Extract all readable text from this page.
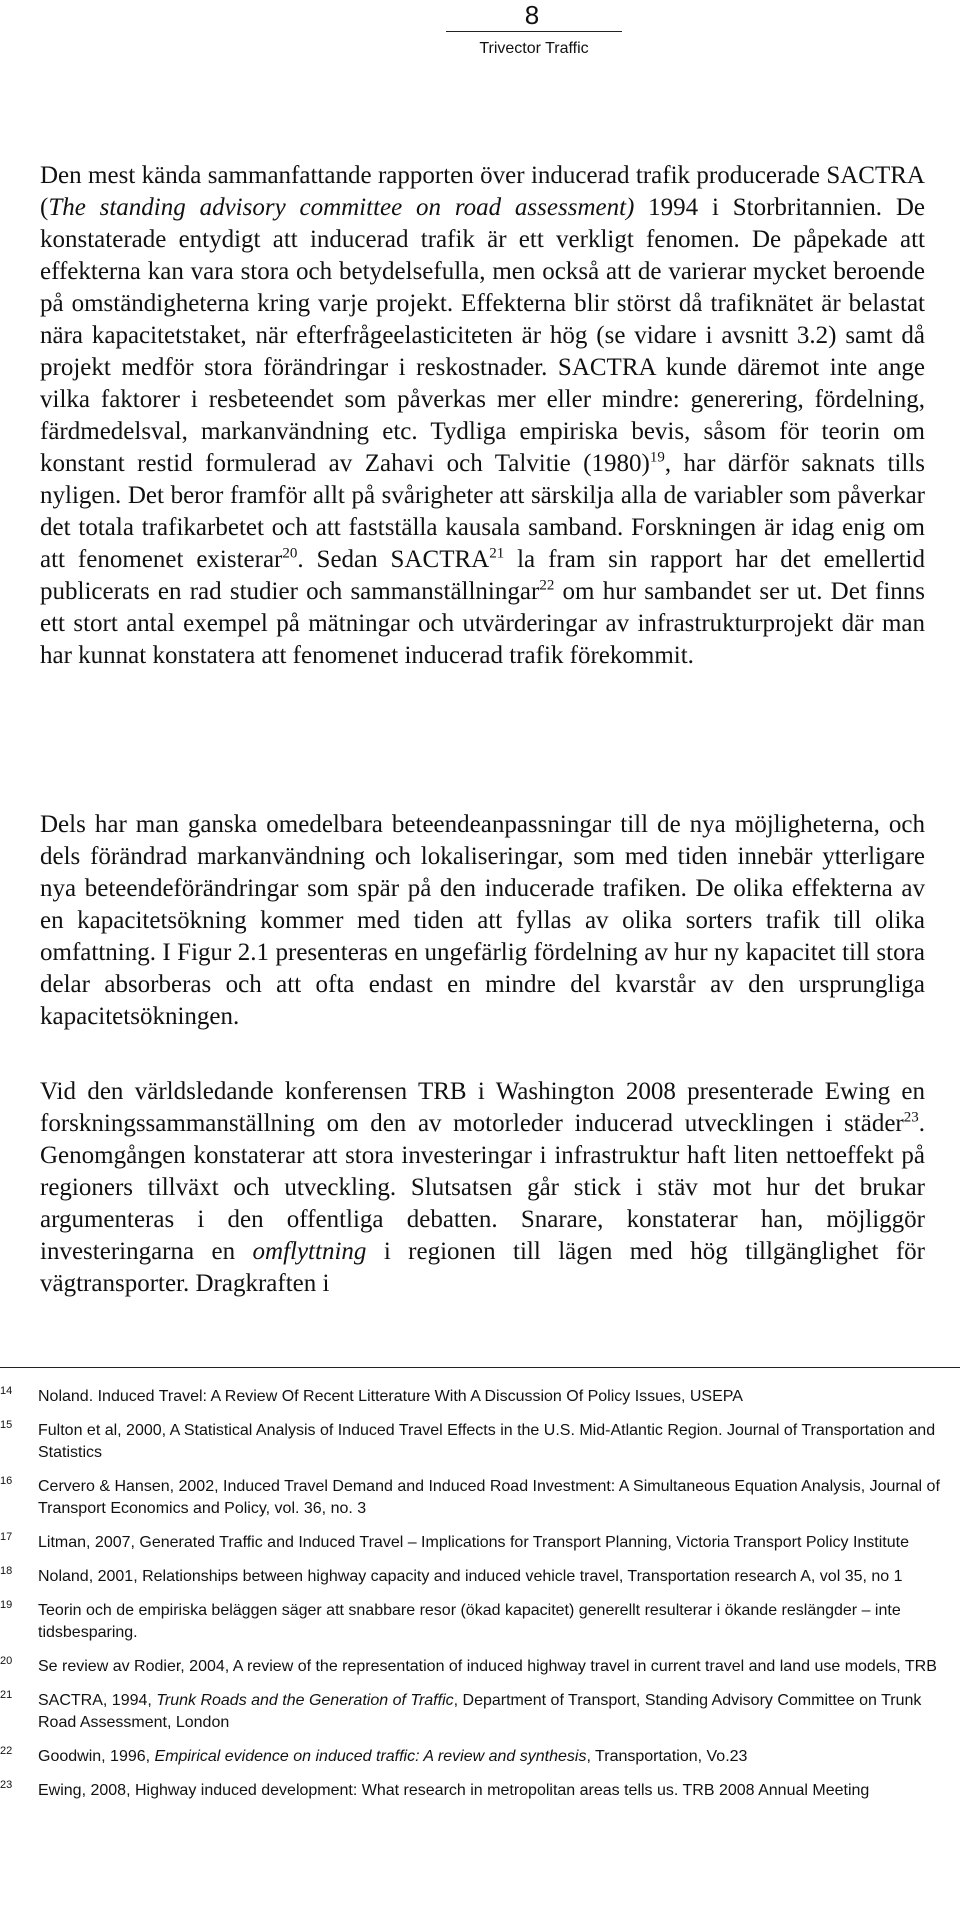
8
Trivector Traffic

Den mest kända sammanfattande rapporten över inducerad trafik producerade SACTRA (The standing advisory committee on road assessment) 1994 i Storbritannien. De konstaterade entydigt att inducerad trafik är ett verkligt fenomen. De påpekade att effekterna kan vara stora och betydelsefulla, men också att de varierar mycket beroende på omständigheterna kring varje projekt. Effekterna blir störst då trafiknätet är belastat nära kapacitetstaket, när efterfrågeelasticiteten är hög (se vidare i avsnitt 3.2) samt då projekt medför stora förändringar i reskostnader. SACTRA kunde däremot inte ange vilka faktorer i resbeteendet som påverkas mer eller mindre: generering, fördelning, färdmedelsval, markanvändning etc. Tydliga empiriska bevis, såsom för teorin om konstant restid formulerad av Zahavi och Talvitie $(1980)^{19}$, har därför saknats tills nyligen. Det beror framför allt på svårigheter att särskilja alla de variabler som påverkar det totala trafikarbetet och att fastställa kausala samband. Forskningen är idag enig om att fenomenet existerar$^{20}$. Sedan SACTRA$^{21}$ la fram sin rapport har det emellertid publicerats en rad studier och sammanställningar$^{22}$ om hur sambandet ser ut. Det finns ett stort antal exempel på mätningar och utvärderingar av infrastrukturprojekt där man har kunnat konstatera att fenomenet inducerad trafik förekommit.

Dels har man ganska omedelbara beteendeanpassningar till de nya möjligheterna, och dels förändrad markanvändning och lokaliseringar, som med tiden innebär ytterligare nya beteendeförändringar som spär på den inducerade trafiken. De olika effekterna av en kapacitetsökning kommer med tiden att fyllas av olika sorters trafik till olika omfattning. I Figur 2.1 presenteras en ungefärlig fördelning av hur ny kapacitet till stora delar absorberas och att ofta endast en mindre del kvarstår av den ursprungliga kapacitetsökningen.

Vid den världsledande konferensen TRB i Washington 2008 presenterade Ewing en forskningssammanställning om den av motorleder inducerad utvecklingen i städer$^{23}$. Genomgången konstaterar att stora investeringar i infrastruktur haft liten nettoeffekt på regioners tillväxt och utveckling. Slutsatsen går stick i stäv mot hur det brukar argumenteras i den offentliga debatten. Snarare, konstaterar han, möjliggör investeringarna en omflyttning i regionen till lägen med hög tillgänglighet för vägtransporter. Dragkraften i

14 Noland. Induced Travel: A Review Of Recent Litterature With A Discussion Of Policy Issues, USEPA
15 Fulton et al, 2000, A Statistical Analysis of Induced Travel Effects in the U.S. Mid-Atlantic Region. Journal of Transportation and Statistics
16 Cervero & Hansen, 2002, Induced Travel Demand and Induced Road Investment: A Simultaneous Equation Analysis, Journal of Transport Economics and Policy, vol. 36, no. 3
17 Litman, 2007, Generated Traffic and Induced Travel – Implications for Transport Planning, Victoria Transport Policy Institute
18 Noland, 2001, Relationships between highway capacity and induced vehicle travel, Transportation research A, vol 35, no 1
19 Teorin och de empiriska beläggen säger att snabbare resor (ökad kapacitet) generellt resulterar i ökande reslängder – inte tidsbesparing.
20 Se review av Rodier, 2004, A review of the representation of induced highway travel in current travel and land use models, TRB
21 SACTRA, 1994, Trunk Roads and the Generation of Traffic, Department of Transport, Standing Advisory Committee on Trunk Road Assessment, London
22 Goodwin, 1996, Empirical evidence on induced traffic: A review and synthesis, Transportation, Vo.23
23 Ewing, 2008, Highway induced development: What research in metropolitan areas tells us. TRB 2008 Annual Meeting
